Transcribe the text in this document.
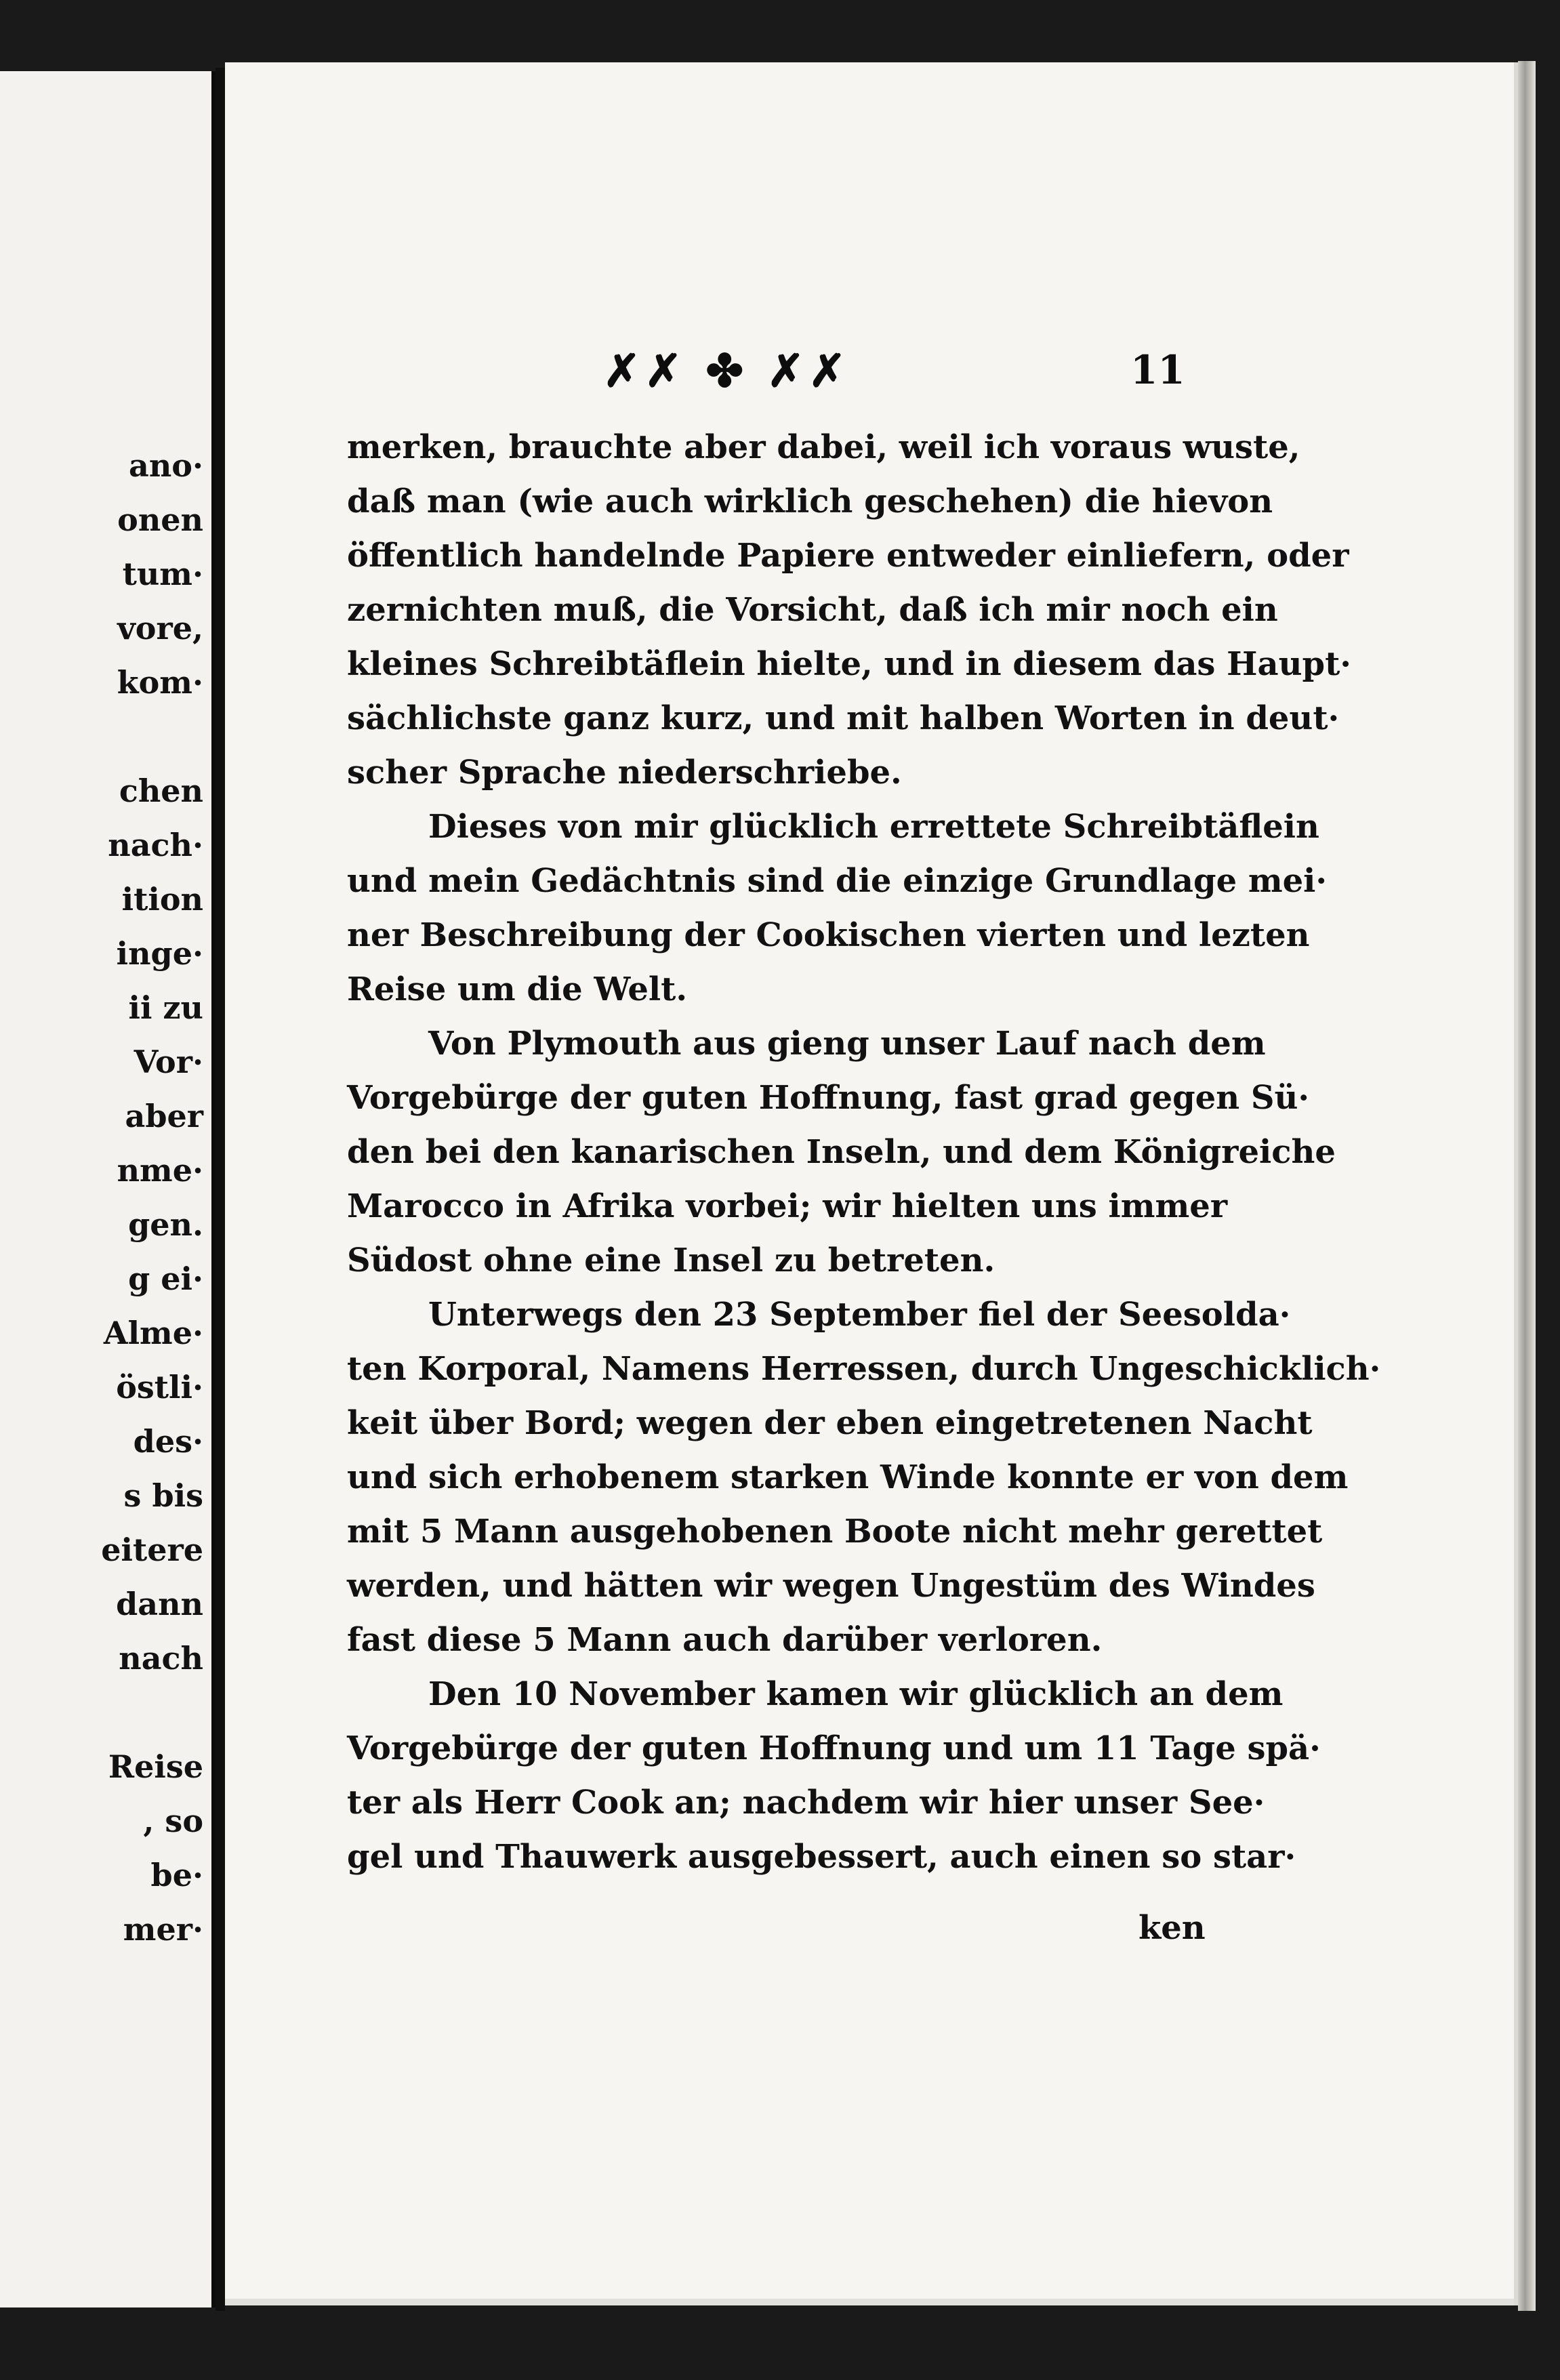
ano·
onen
tum·
vore,
kom·
chen
nach·
ition
inge·
ii zu
Vor·
aber
nme·
gen.
g ei·
Alme·
östli·
des·
s bis
eitere
dann
nach
Reise
, so
be·
mer·
✗✗ ✤ ✗✗	11
merken, brauchte aber dabei, weil ich voraus wuste,
daß man (wie auch wirklich geschehen) die hievon
öffentlich handelnde Papiere entweder einliefern, oder
zernichten muß, die Vorsicht, daß ich mir noch ein
kleines Schreibtäflein hielte, und in diesem das Haupt·
sächlichste ganz kurz, und mit halben Worten in deut·
scher Sprache niederschriebe.
Dieses von mir glücklich errettete Schreibtäflein
und mein Gedächtnis sind die einzige Grundlage mei·
ner Beschreibung der Cookischen vierten und lezten
Reise um die Welt.
Von Plymouth aus gieng unser Lauf nach dem
Vorgebürge der guten Hoffnung, fast grad gegen Sü·
den bei den kanarischen Inseln, und dem Königreiche
Marocco in Afrika vorbei; wir hielten uns immer
Südost ohne eine Insel zu betreten.
Unterwegs den 23 September fiel der Seesolda·
ten Korporal, Namens Herressen, durch Ungeschicklich·
keit über Bord; wegen der eben eingetretenen Nacht
und sich erhobenem starken Winde konnte er von dem
mit 5 Mann ausgehobenen Boote nicht mehr gerettet
werden, und hätten wir wegen Ungestüm des Windes
fast diese 5 Mann auch darüber verloren.
Den 10 November kamen wir glücklich an dem
Vorgebürge der guten Hoffnung und um 11 Tage spä·
ter als Herr Cook an; nachdem wir hier unser See·
gel und Thauwerk ausgebessert, auch einen so star·
ken
